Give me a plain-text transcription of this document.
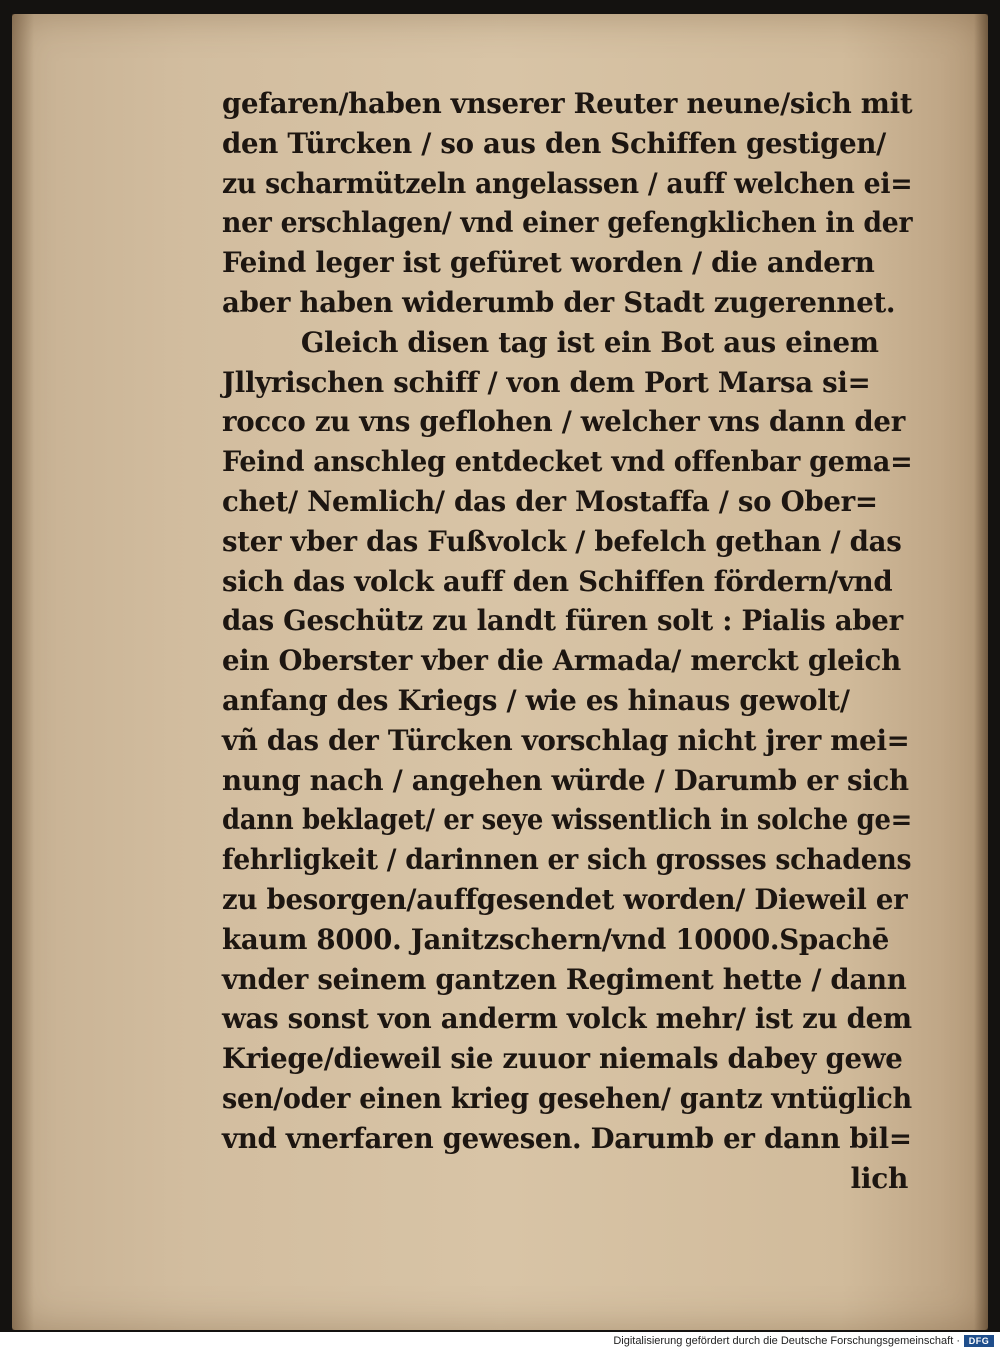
gefaren/haben vnserer Reuter neune/sich mit
den Türcken / so aus den Schiffen gestigen/
zu scharmützeln angelassen / auff welchen ei=
ner erschlagen/ vnd einer gefengklichen in der
Feind leger ist gefüret worden / die andern
aber haben widerumb der Stadt zugerennet.
Gleich disen tag ist ein Bot aus einem
Jllyrischen schiff / von dem Port Marsa si=
rocco zu vns geflohen / welcher vns dann der
Feind anschleg entdecket vnd offenbar gema=
chet/ Nemlich/ das der Mostaffa / so Ober=
ster vber das Fußvolck / befelch gethan / das
sich das volck auff den Schiffen fördern/vnd
das Geschütz zu landt füren solt : Pialis aber
ein Oberster vber die Armada/ merckt gleich
anfang des Kriegs / wie es hinaus gewolt/
vñ das der Türcken vorschlag nicht jrer mei=
nung nach / angehen würde / Darumb er sich
dann beklaget/ er seye wissentlich in solche ge=
fehrligkeit / darinnen er sich grosses schadens
zu besorgen/auffgesendet worden/ Dieweil er
kaum 8000. Janitzschern/vnd 10000.Spachē
vnder seinem gantzen Regiment hette / dann
was sonst von anderm volck mehr/ ist zu dem
Kriege/dieweil sie zuuor niemals dabey gewe
sen/oder einen krieg gesehen/ gantz vntüglich
vnd vnerfaren gewesen. Darumb er dann bil=
lich
Digitalisierung gefördert durch die Deutsche Forschungsgemeinschaft · DFG
